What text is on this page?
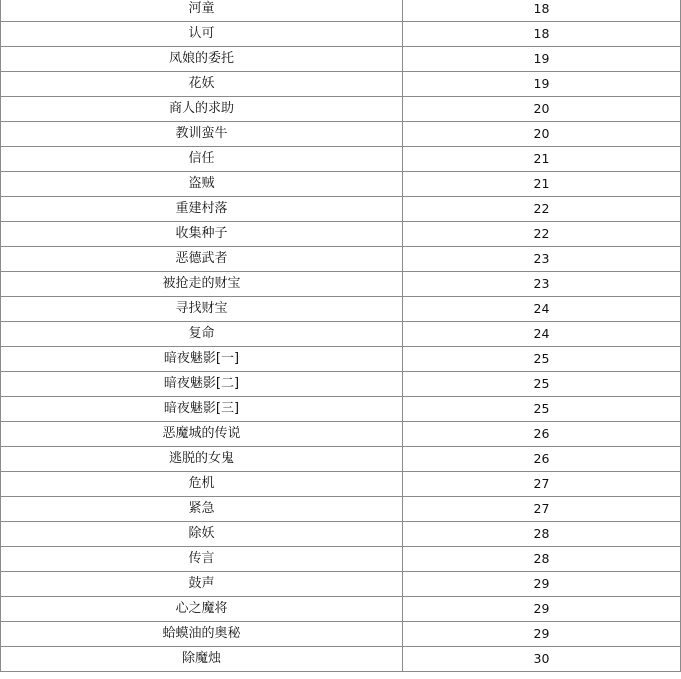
河童	18
认可	18
凤娘的委托	19
花妖	19
商人的求助	20
教训蛮牛	20
信任	21
盗贼	21
重建村落	22
收集种子	22
恶德武者	23
被抢走的财宝	23
寻找财宝	24
复命	24
暗夜魅影[一]	25
暗夜魅影[二]	25
暗夜魅影[三]	25
恶魔城的传说	26
逃脱的女鬼	26
危机	27
紧急	27
除妖	28
传言	28
鼓声	29
心之魔将	29
蛤蟆油的奥秘	29
除魔烛	30
